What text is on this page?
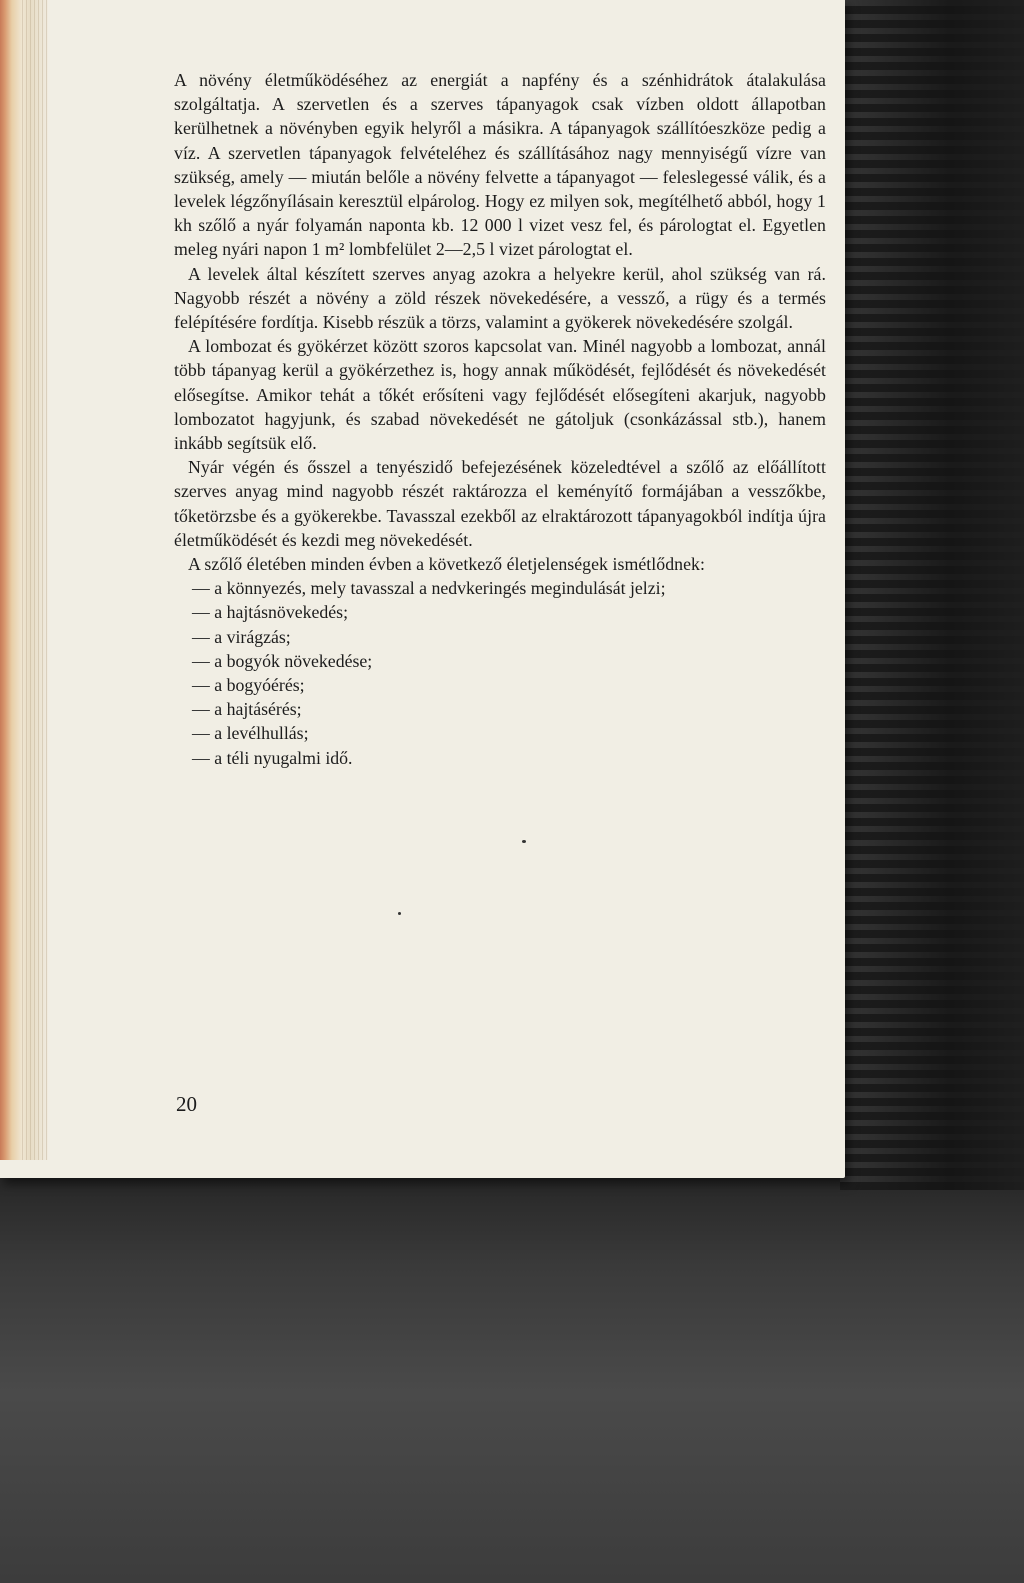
A növény életműködéséhez az energiát a napfény és a szénhidrátok átalakulása szolgáltatja. A szervetlen és a szerves tápanyagok csak vízben oldott állapotban kerülhetnek a növényben egyik helyről a másikra. A tápanyagok szállítóeszköze pedig a víz. A szervetlen tápanyagok felvételéhez és szállításához nagy mennyiségű vízre van szükség, amely — miután belőle a növény felvette a tápanyagot — feleslegessé válik, és a levelek légzőnyílásain keresztül elpárolog. Hogy ez milyen sok, megítélhető abból, hogy 1 kh szőlő a nyár folyamán naponta kb. 12 000 l vizet vesz fel, és párologtat el. Egyetlen meleg nyári napon 1 m² lombfelület 2—2,5 l vizet párologtat el.

A levelek által készített szerves anyag azokra a helyekre kerül, ahol szükség van rá. Nagyobb részét a növény a zöld részek növekedésére, a vessző, a rügy és a termés felépítésére fordítja. Kisebb részük a törzs, valamint a gyökerek növekedésére szolgál.

A lombozat és gyökérzet között szoros kapcsolat van. Minél nagyobb a lombozat, annál több tápanyag kerül a gyökérzethez is, hogy annak működését, fejlődését és növekedését elősegítse. Amikor tehát a tőkét erősíteni vagy fejlődését elősegíteni akarjuk, nagyobb lombozatot hagyjunk, és szabad növekedését ne gátoljuk (csonkázással stb.), hanem inkább segítsük elő.

Nyár végén és ősszel a tenyészidő befejezésének közeledtével a szőlő az előállított szerves anyag mind nagyobb részét raktározza el keményítő formájában a vesszőkbe, tőketörzsbe és a gyökerekbe. Tavasszal ezekből az elraktározott tápanyagokból indítja újra életműködését és kezdi meg növekedését.

A szőlő életében minden évben a következő életjelenségek ismétlődnek:

— a könnyezés, mely tavasszal a nedvkeringés megindulását jelzi;
— a hajtásnövekedés;
— a virágzás;
— a bogyók növekedése;
— a bogyóérés;
— a hajtásérés;
— a levélhullás;
— a téli nyugalmi idő.
20
